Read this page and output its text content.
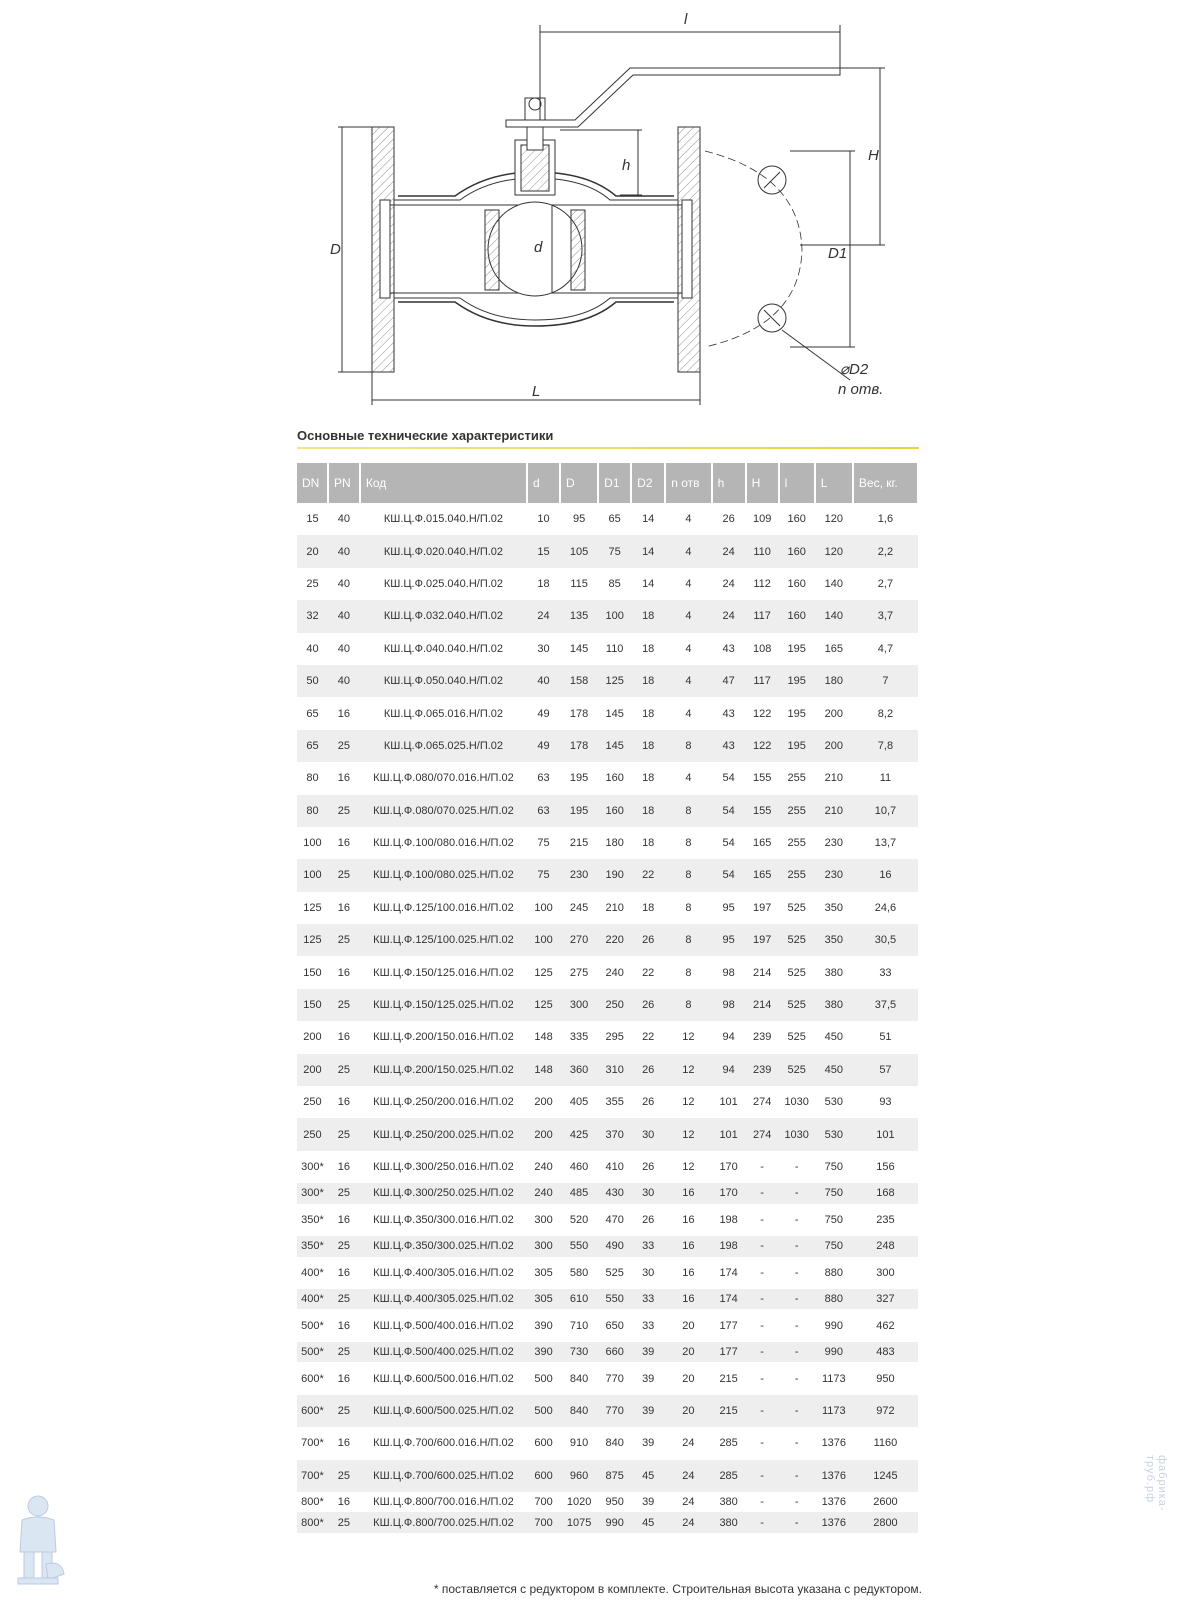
l
H
h
D	d	D1
⌀D2
n отв.
L
Основные технические характеристики
DN	PN	Код	d	D	D1	D2	n отв	h	H	l	L	Вес, кг.
15	40	КШ.Ц.Ф.015.040.Н/П.02	10	95	65	14	4	26	109	160	120	1,6
20	40	КШ.Ц.Ф.020.040.Н/П.02	15	105	75	14	4	24	110	160	120	2,2
25	40	КШ.Ц.Ф.025.040.Н/П.02	18	115	85	14	4	24	112	160	140	2,7
32	40	КШ.Ц.Ф.032.040.Н/П.02	24	135	100	18	4	24	117	160	140	3,7
40	40	КШ.Ц.Ф.040.040.Н/П.02	30	145	110	18	4	43	108	195	165	4,7
50	40	КШ.Ц.Ф.050.040.Н/П.02	40	158	125	18	4	47	117	195	180	7
65	16	КШ.Ц.Ф.065.016.Н/П.02	49	178	145	18	4	43	122	195	200	8,2
65	25	КШ.Ц.Ф.065.025.Н/П.02	49	178	145	18	8	43	122	195	200	7,8
80	16	КШ.Ц.Ф.080/070.016.Н/П.02	63	195	160	18	4	54	155	255	210	11
80	25	КШ.Ц.Ф.080/070.025.Н/П.02	63	195	160	18	8	54	155	255	210	10,7
100	16	КШ.Ц.Ф.100/080.016.Н/П.02	75	215	180	18	8	54	165	255	230	13,7
100	25	КШ.Ц.Ф.100/080.025.Н/П.02	75	230	190	22	8	54	165	255	230	16
125	16	КШ.Ц.Ф.125/100.016.Н/П.02	100	245	210	18	8	95	197	525	350	24,6
125	25	КШ.Ц.Ф.125/100.025.Н/П.02	100	270	220	26	8	95	197	525	350	30,5
150	16	КШ.Ц.Ф.150/125.016.Н/П.02	125	275	240	22	8	98	214	525	380	33
150	25	КШ.Ц.Ф.150/125.025.Н/П.02	125	300	250	26	8	98	214	525	380	37,5
200	16	КШ.Ц.Ф.200/150.016.Н/П.02	148	335	295	22	12	94	239	525	450	51
200	25	КШ.Ц.Ф.200/150.025.Н/П.02	148	360	310	26	12	94	239	525	450	57
250	16	КШ.Ц.Ф.250/200.016.Н/П.02	200	405	355	26	12	101	274	1030	530	93
250	25	КШ.Ц.Ф.250/200.025.Н/П.02	200	425	370	30	12	101	274	1030	530	101
300*	16	КШ.Ц.Ф.300/250.016.Н/П.02	240	460	410	26	12	170	-	-	750	156
300*	25	КШ.Ц.Ф.300/250.025.Н/П.02	240	485	430	30	16	170	-	-	750	168
350*	16	КШ.Ц.Ф.350/300.016.Н/П.02	300	520	470	26	16	198	-	-	750	235
350*	25	КШ.Ц.Ф.350/300.025.Н/П.02	300	550	490	33	16	198	-	-	750	248
400*	16	КШ.Ц.Ф.400/305.016.Н/П.02	305	580	525	30	16	174	-	-	880	300
400*	25	КШ.Ц.Ф.400/305.025.Н/П.02	305	610	550	33	16	174	-	-	880	327
500*	16	КШ.Ц.Ф.500/400.016.Н/П.02	390	710	650	33	20	177	-	-	990	462
500*	25	КШ.Ц.Ф.500/400.025.Н/П.02	390	730	660	39	20	177	-	-	990	483
600*	16	КШ.Ц.Ф.600/500.016.Н/П.02	500	840	770	39	20	215	-	-	1173	950
600*	25	КШ.Ц.Ф.600/500.025.Н/П.02	500	840	770	39	20	215	-	-	1173	972
700*	16	КШ.Ц.Ф.700/600.016.Н/П.02	600	910	840	39	24	285	-	-	1376	1160
700*	25	КШ.Ц.Ф.700/600.025.Н/П.02	600	960	875	45	24	285	-	-	1376	1245
800*	16	КШ.Ц.Ф.800/700.016.Н/П.02	700	1020	950	39	24	380	-	-	1376	2600
800*	25	КШ.Ц.Ф.800/700.025.Н/П.02	700	1075	990	45	24	380	-	-	1376	2800
* поставляется с редуктором в комплекте. Строительная высота указана с редуктором.
фабрика-труб.рф
